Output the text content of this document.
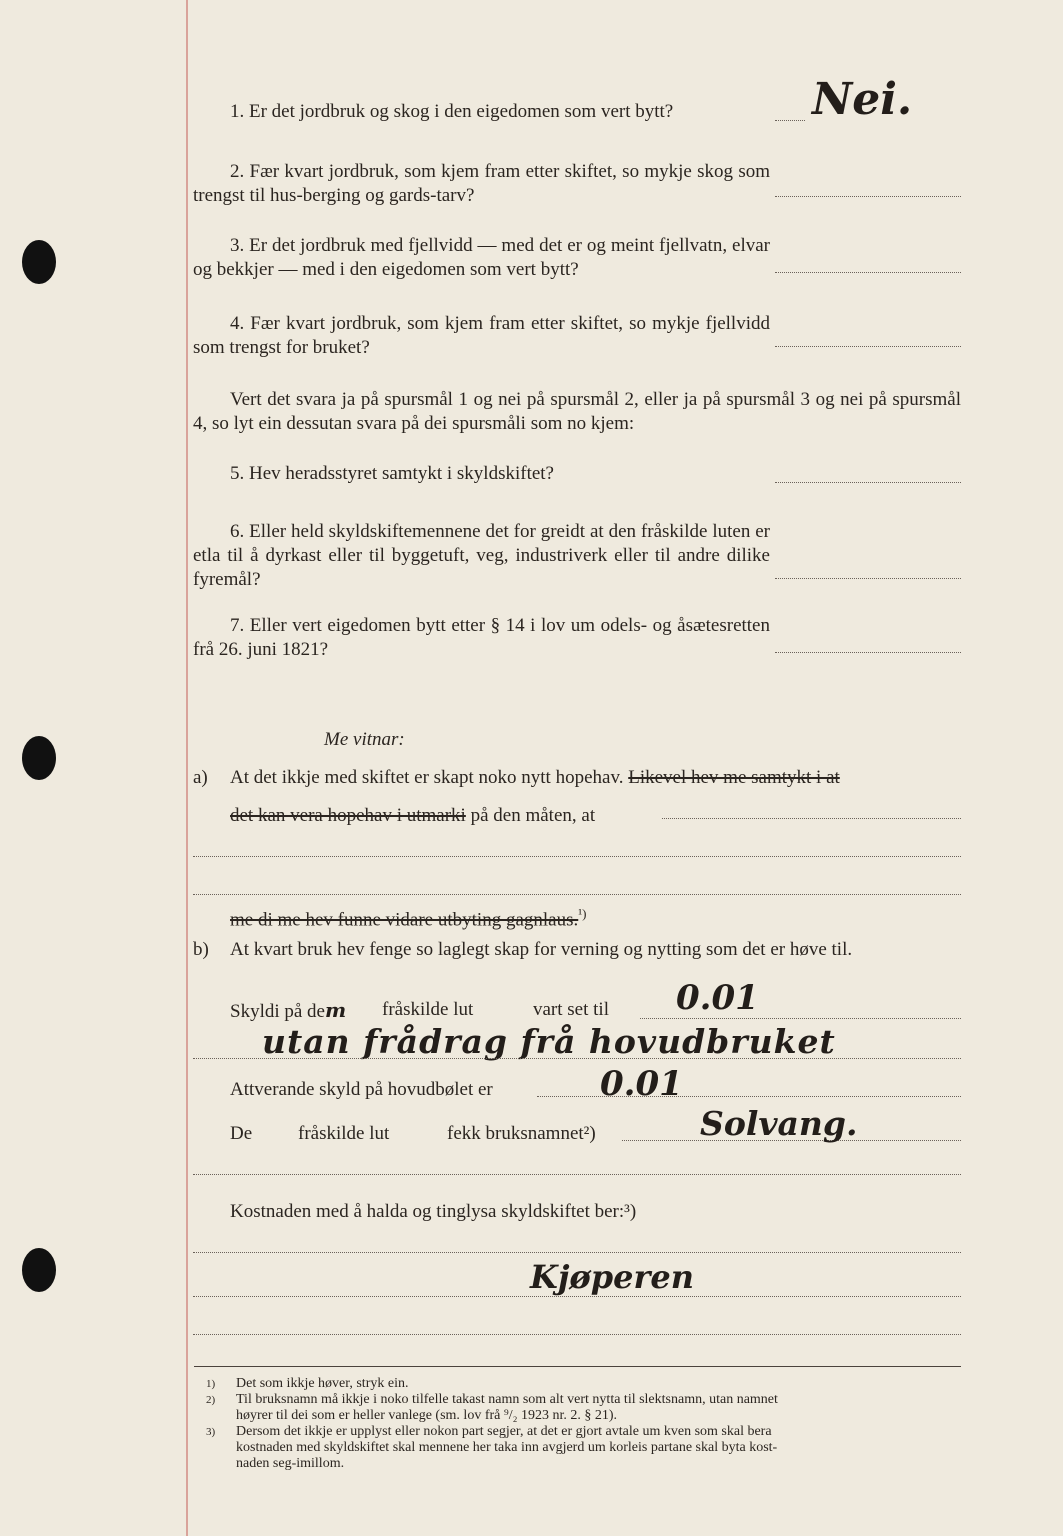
1. Er det jordbruk og skog i den eigedomen som vert bytt?	Nei.
2. Fær kvart jordbruk, som kjem fram etter skiftet, so mykje skog som trengst til hus-berging og gards-tarv?
3. Er det jordbruk med fjellvidd — med det er og meint fjellvatn, elvar og bekkjer — med i den eigedomen som vert bytt?
4. Fær kvart jordbruk, som kjem fram etter skiftet, so mykje fjellvidd som trengst for bruket?
Vert det svara ja på spursmål 1 og nei på spursmål 2, eller ja på spursmål 3 og nei på spursmål 4, so lyt ein dessutan svara på dei spursmåli som no kjem:
5. Hev heradsstyret samtykt i skyldskiftet?
6. Eller held skyldskiftemennene det for greidt at den fråskilde luten er etla til å dyrkast eller til byggetuft, veg, industriverk eller til andre dilike fyremål?
7. Eller vert eigedomen bytt etter § 14 i lov um odels- og åsætesretten frå 26. juni 1821?
Me vitnar:
a) At det ikkje med skiftet er skapt noko nytt hopehav. Likevel hev me samtykt i at
det kan vera hopehav i utmarki på den måten, at
me di me hev funne vidare utbyting gagnlaus.$^{^1)}$
b) At kvart bruk hev fenge so laglegt skap for verning og nytting som det er høve til.
Skyldi på dem fråskilde lut	vart set til 0.01
utan frådrag frå hovudbruket
Attverande skyld på hovudbølet er	0.01
De fråskilde lut	fekk bruksnamnet²)	Solvang.
Kostnaden med å halda og tinglysa skyldskiftet ber:³)
Kjøperen
1) Det som ikkje høver, stryk ein.
2) Til bruksnamn må ikkje i noko tilfelle takast namn som alt vert nytta til slektsnamn, utan namnet
høyrer til dei som er heller vanlege (sm. lov frå ⁹/₂ 1923 nr. 2. § 21).
3) Dersom det ikkje er upplyst eller nokon part segjer, at det er gjort avtale um kven som skal bera
kostnaden med skyldskiftet skal mennene her taka inn avgjerd um korleis partane skal byta kost-
naden seg-imillom.
